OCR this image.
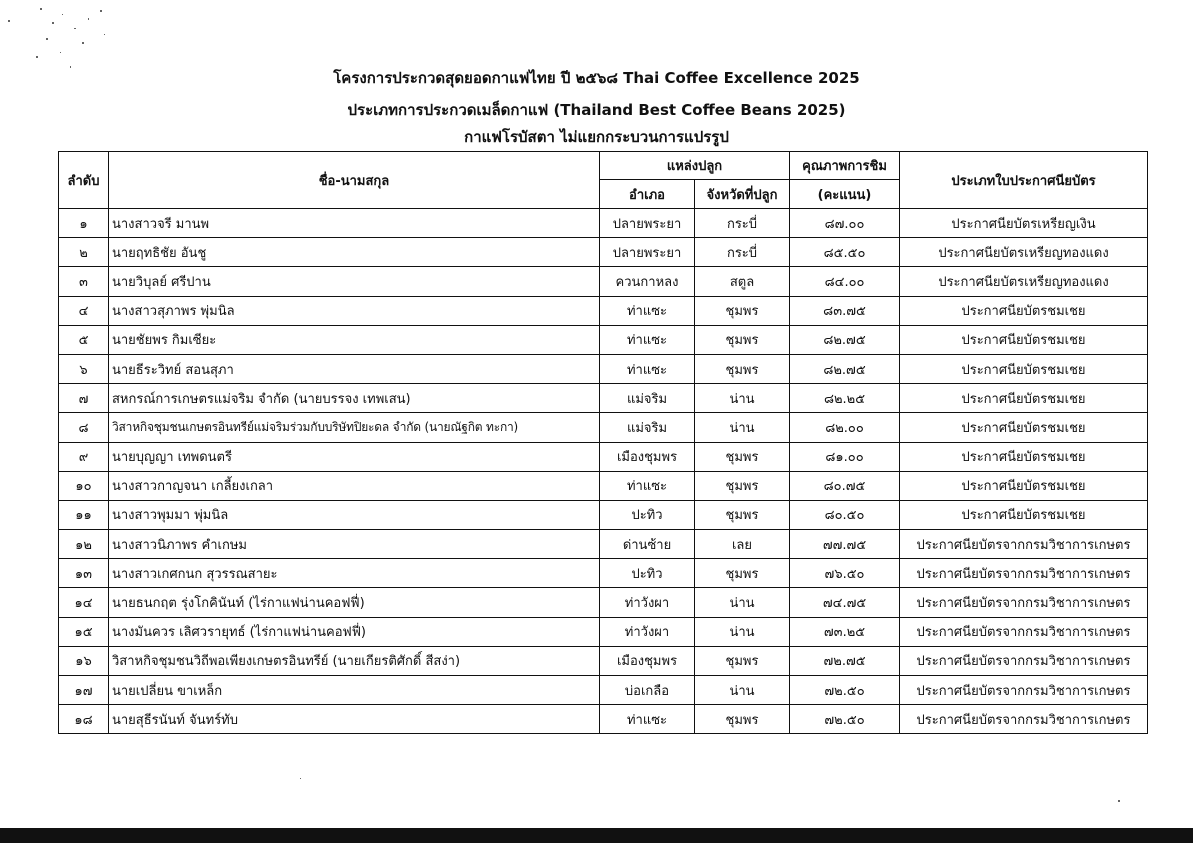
โครงการประกวดสุดยอดกาแฟไทย ปี ๒๕๖๘ Thai Coffee Excellence 2025
ประเภทการประกวดเมล็ดกาแฟ (Thailand Best Coffee Beans 2025)
กาแฟโรบัสตา ไม่แยกกระบวนการแปรรูป
ลำดับ	ชื่อ-นามสกุล	แหล่งปลูก		คุณภาพการชิม	ประเภทใบประกาศนียบัตร
		อำเภอ	จังหวัดที่ปลูก	(คะแนน)	
๑	นางสาวจรี มานพ	ปลายพระยา	กระบี่	๘๗.๐๐	ประกาศนียบัตรเหรียญเงิน
๒	นายฤทธิชัย อันชู	ปลายพระยา	กระบี่	๘๕.๕๐	ประกาศนียบัตรเหรียญทองแดง
๓	นายวิบุลย์ ศรีปาน	ควนกาหลง	สตูล	๘๔.๐๐	ประกาศนียบัตรเหรียญทองแดง
๔	นางสาวสุภาพร พุ่มนิล	ท่าแซะ	ชุมพร	๘๓.๗๕	ประกาศนียบัตรชมเชย
๕	นายชัยพร กิมเซียะ	ท่าแซะ	ชุมพร	๘๒.๗๕	ประกาศนียบัตรชมเชย
๖	นายธีระวิทย์ สอนสุภา	ท่าแซะ	ชุมพร	๘๒.๗๕	ประกาศนียบัตรชมเชย
๗	สหกรณ์การเกษตรแม่จริม จำกัด (นายบรรจง เทพเสน)	แม่จริม	น่าน	๘๒.๒๕	ประกาศนียบัตรชมเชย
๘	วิสาหกิจชุมชนเกษตรอินทรีย์แม่จริมร่วมกับบริษัทปิยะดล จำกัด (นายณัฐกิต ทะกา)	แม่จริม	น่าน	๘๒.๐๐	ประกาศนียบัตรชมเชย
๙	นายบุญญา เทพดนตรี	เมืองชุมพร	ชุมพร	๘๑.๐๐	ประกาศนียบัตรชมเชย
๑๐	นางสาวกาญจนา เกลี้ยงเกลา	ท่าแซะ	ชุมพร	๘๐.๗๕	ประกาศนียบัตรชมเชย
๑๑	นางสาวพุมมา พุ่มนิล	ปะทิว	ชุมพร	๘๐.๕๐	ประกาศนียบัตรชมเชย
๑๒	นางสาวนิภาพร คำเกษม	ด่านซ้าย	เลย	๗๗.๗๕	ประกาศนียบัตรจากกรมวิชาการเกษตร
๑๓	นางสาวเกศกนก สุวรรณสายะ	ปะทิว	ชุมพร	๗๖.๕๐	ประกาศนียบัตรจากกรมวิชาการเกษตร
๑๔	นายธนกฤต รุ่งโกคินันท์ (ไร่กาแฟน่านคอฟฟี่)	ท่าวังผา	น่าน	๗๔.๗๕	ประกาศนียบัตรจากกรมวิชาการเกษตร
๑๕	นางมันควร เลิศวรายุทธ์ (ไร่กาแฟน่านคอฟฟี่)	ท่าวังผา	น่าน	๗๓.๒๕	ประกาศนียบัตรจากกรมวิชาการเกษตร
๑๖	วิสาหกิจชุมชนวิถีพอเพียงเกษตรอินทรีย์ (นายเกียรติศักดิ์ สีสง่า)	เมืองชุมพร	ชุมพร	๗๒.๗๕	ประกาศนียบัตรจากกรมวิชาการเกษตร
๑๗	นายเปลี่ยน ขาเหล็ก	บ่อเกลือ	น่าน	๗๒.๕๐	ประกาศนียบัตรจากกรมวิชาการเกษตร
๑๘	นายสุธีรนันท์ จันทร์ทับ	ท่าแซะ	ชุมพร	๗๒.๕๐	ประกาศนียบัตรจากกรมวิชาการเกษตร
